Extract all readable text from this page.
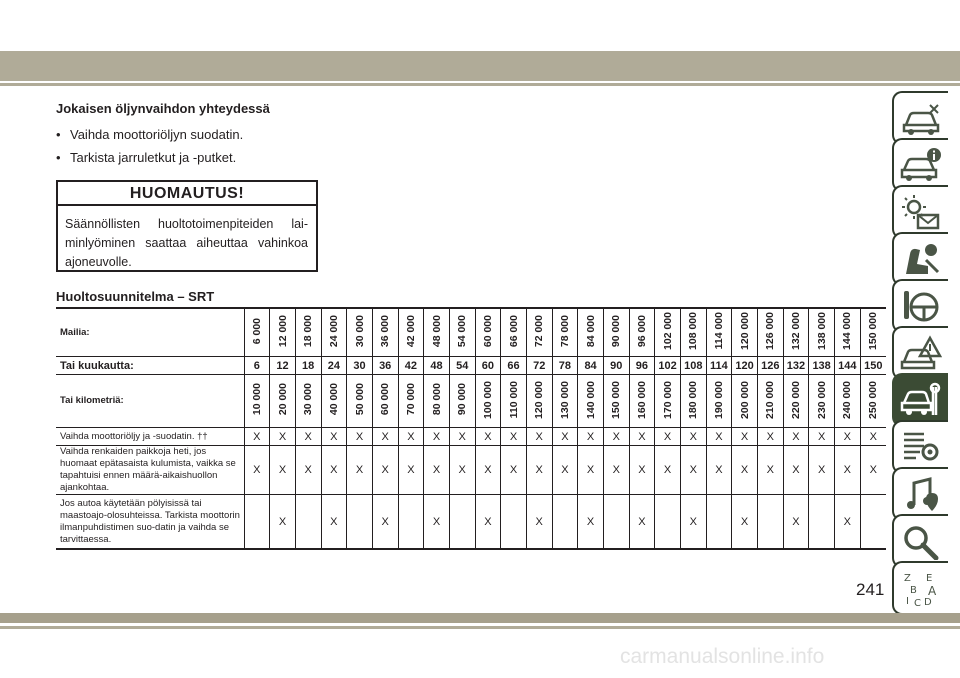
Jokaisen öljynvaihdon yhteydessä
• Vaihda moottoriöljyn suodatin.
• Tarkista jarruletkut ja -putket.
HUOMAUTUS!
Säännöllisten huoltotoimenpiteiden lai-minlyöminen saattaa aiheuttaa vahinkoa ajoneuvolle.
Huoltosuunnitelma – SRT
Mailia:	6 000	12 000	18 000	24 000	30 000	36 000	42 000	48 000	54 000	60 000	66 000	72 000	78 000	84 000	90 000	96 000	102 000	108 000	114 000	120 000	126 000	132 000	138 000	144 000	150 000
Tai kuukautta:	6	12	18	24	30	36	42	48	54	60	66	72	78	84	90	96	102	108	114	120	126	132	138	144	150
Tai kilometriä:	10 000	20 000	30 000	40 000	50 000	60 000	70 000	80 000	90 000	100 000	110 000	120 000	130 000	140 000	150 000	160 000	170 000	180 000	190 000	200 000	210 000	220 000	230 000	240 000	250 000
Vaihda moottoriöljy ja -suodatin. ††	X	X	X	X	X	X	X	X	X	X	X	X	X	X	X	X	X	X	X	X	X	X	X	X	X
Vaihda renkaiden paikkoja heti, jos huomaat epätasaista kulumista, vaikka se tapahtuisi ennen määrä-aikaishuollon ajankohtaa.	X	X	X	X	X	X	X	X	X	X	X	X	X	X	X	X	X	X	X	X	X	X	X	X	X
Jos autoa käytetään pölyisissä tai maastoajo-olosuhteissa. Tarkista moottorin ilmanpuhdistimen suo-datin ja vaihda se tarvittaessa.		X		X		X		X		X		X		X		X		X		X		X		X	
Z E
B A
I C D
241
carmanualsonline.info
